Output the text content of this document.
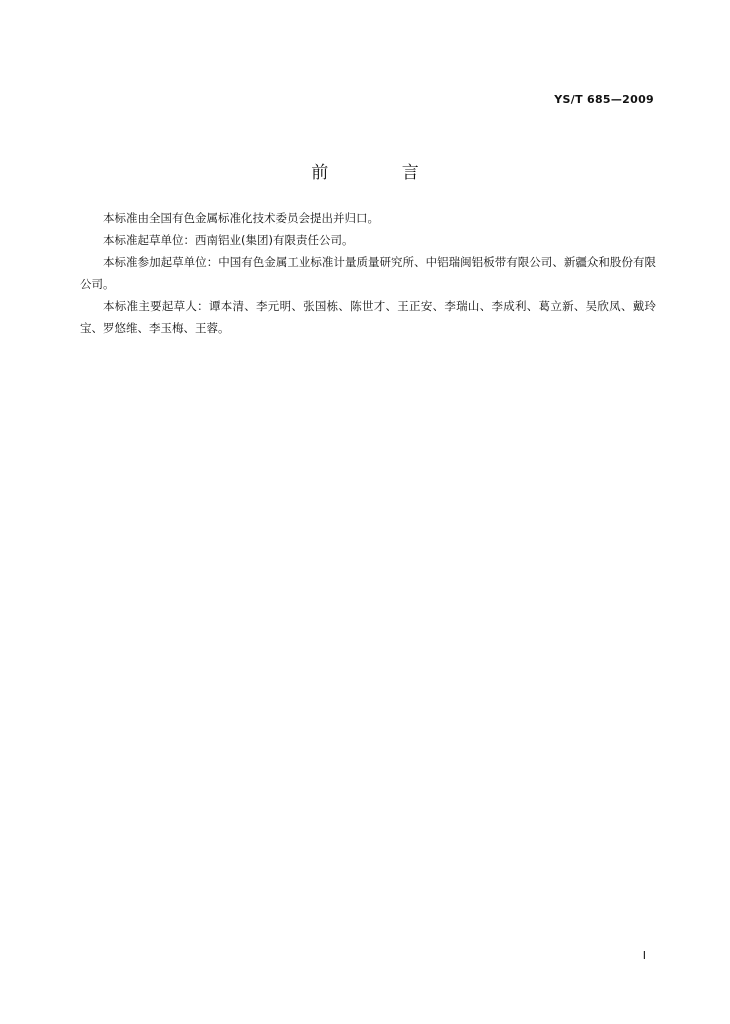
YS/T 685—2009
前 言

本标准由全国有色金属标准化技术委员会提出并归口。

本标准起草单位：西南铝业(集团)有限责任公司。

本标准参加起草单位：中国有色金属工业标准计量质量研究所、中铝瑞闽铝板带有限公司、新疆众和股份有限公司。

本标准主要起草人：谭本清、李元明、张国栋、陈世才、王正安、李瑞山、李成利、葛立新、吴欣凤、戴玲宝、罗悠维、李玉梅、王蓉。

I
